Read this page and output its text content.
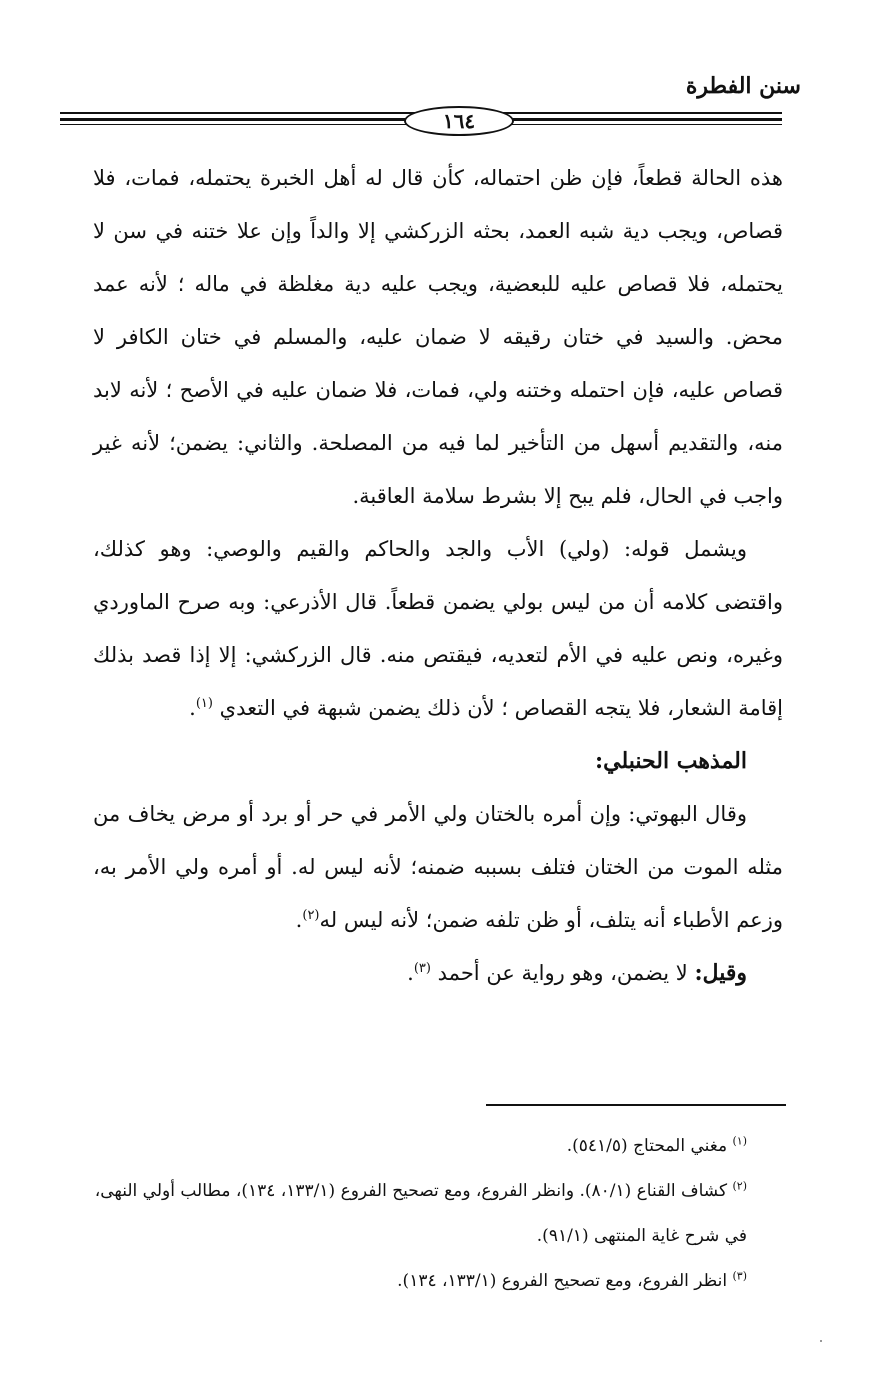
سنن الفطرة
١٦٤

هذه الحالة قطعاً، فإن ظن احتماله، كأن قال له أهل الخبرة يحتمله، فمات، فلا قصاص، ويجب دية شبه العمد، بحثه الزركشي إلا والداً وإن علا ختنه في سن لا يحتمله، فلا قصاص عليه للبعضية، ويجب عليه دية مغلظة في ماله ؛ لأنه عمد محض. والسيد في ختان رقيقه لا ضمان عليه، والمسلم في ختان الكافر لا قصاص عليه، فإن احتمله وختنه ولي، فمات، فلا ضمان عليه في الأصح ؛ لأنه لابد منه، والتقديم أسهل من التأخير لما فيه من المصلحة. والثاني: يضمن؛ لأنه غير واجب في الحال، فلم يبح إلا بشرط سلامة العاقبة.

ويشمل قوله: (ولي) الأب والجد والحاكم والقيم والوصي: وهو كذلك، واقتضى كلامه أن من ليس بولي يضمن قطعاً. قال الأذرعي: وبه صرح الماوردي وغيره، ونص عليه في الأم لتعديه، فيقتص منه. قال الزركشي: إلا إذا قصد بذلك إقامة الشعار، فلا يتجه القصاص ؛ لأن ذلك يضمن شبهة في التعدي $^{(١)}$.

المذهب الحنبلي:

وقال البهوتي: وإن أمره بالختان ولي الأمر في حر أو برد أو مرض يخاف من مثله الموت من الختان فتلف بسببه ضمنه؛ لأنه ليس له. أو أمره ولي الأمر به، وزعم الأطباء أنه يتلف، أو ظن تلفه ضمن؛ لأنه ليس له$^{(٢)}$.

وقيل: لا يضمن، وهو رواية عن أحمد $^{(٣)}$.

$^{(١)}$ مغني المحتاج (٥٤١/٥).

$^{(٢)}$ كشاف القناع (٨٠/١). وانظر الفروع، ومع تصحيح الفروع (١٣٣/١، ١٣٤)، مطالب أولي النهى، في شرح غاية المنتهى (٩١/١).

$^{(٣)}$ انظر الفروع، ومع تصحيح الفروع (١٣٣/١، ١٣٤).
